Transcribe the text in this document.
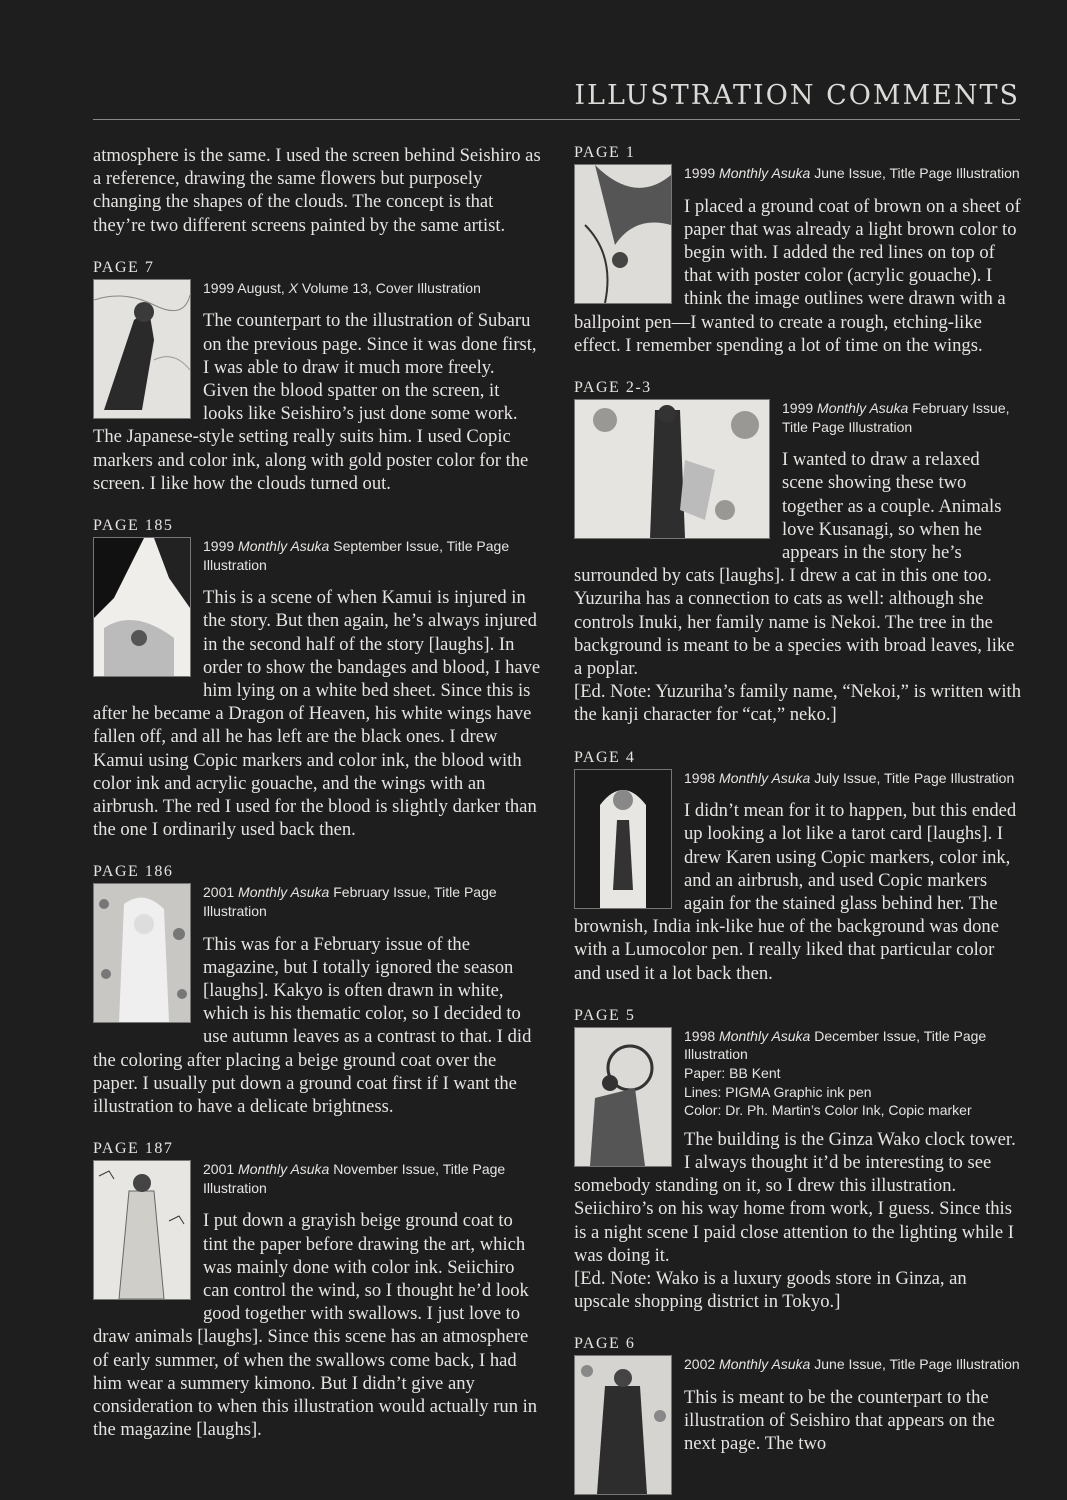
ILLUSTRATION COMMENTS

atmosphere is the same. I used the screen behind Seishiro as a reference, drawing the same flowers but purposely changing the shapes of the clouds. The concept is that they’re two different screens painted by the same artist.

PAGE 7
1999 August, X Volume 13, Cover Illustration

The counterpart to the illustration of Subaru on the previous page. Since it was done first, I was able to draw it much more freely. Given the blood spatter on the screen, it looks like Seishiro’s just done some work. The Japanese-style setting really suits him. I used Copic markers and color ink, along with gold poster color for the screen. I like how the clouds turned out.

PAGE 185
1999 Monthly Asuka September Issue, Title Page Illustration

This is a scene of when Kamui is injured in the story. But then again, he’s always injured in the second half of the story [laughs]. In order to show the bandages and blood, I have him lying on a white bed sheet. Since this is after he became a Dragon of Heaven, his white wings have fallen off, and all he has left are the black ones. I drew Kamui using Copic markers and color ink, the blood with color ink and acrylic gouache, and the wings with an airbrush. The red I used for the blood is slightly darker than the one I ordinarily used back then.

PAGE 186
2001 Monthly Asuka February Issue, Title Page Illustration

This was for a February issue of the magazine, but I totally ignored the season [laughs]. Kakyo is often drawn in white, which is his thematic color, so I decided to use autumn leaves as a contrast to that. I did the coloring after placing a beige ground coat over the paper. I usually put down a ground coat first if I want the illustration to have a delicate brightness.

PAGE 187
2001 Monthly Asuka November Issue, Title Page Illustration

I put down a grayish beige ground coat to tint the paper before drawing the art, which was mainly done with color ink. Seiichiro can control the wind, so I thought he’d look good together with swallows. I just love to draw animals [laughs]. Since this scene has an atmosphere of early summer, of when the swallows come back, I had him wear a summery kimono. But I didn’t give any consideration to when this illustration would actually run in the magazine [laughs].

PAGE 1
1999 Monthly Asuka June Issue, Title Page Illustration

I placed a ground coat of brown on a sheet of paper that was already a light brown color to begin with. I added the red lines on top of that with poster color (acrylic gouache). I think the image outlines were drawn with a ballpoint pen—I wanted to create a rough, etching-like effect. I remember spending a lot of time on the wings.

PAGE 2-3
1999 Monthly Asuka February Issue, Title Page Illustration

I wanted to draw a relaxed scene showing these two together as a couple. Animals love Kusanagi, so when he appears in the story he’s surrounded by cats [laughs]. I drew a cat in this one too. Yuzuriha has a connection to cats as well: although she controls Inuki, her family name is Nekoi. The tree in the background is meant to be a species with broad leaves, like a poplar.

[Ed. Note: Yuzuriha’s family name, “Nekoi,” is written with the kanji character for “cat,” neko.]

PAGE 4
1998 Monthly Asuka July Issue, Title Page Illustration

I didn’t mean for it to happen, but this ended up looking a lot like a tarot card [laughs]. I drew Karen using Copic markers, color ink, and an airbrush, and used Copic markers again for the stained glass behind her. The brownish, India ink-like hue of the background was done with a Lumocolor pen. I really liked that particular color and used it a lot back then.

PAGE 5
1998 Monthly Asuka December Issue, Title Page Illustration
Paper: BB Kent
Lines: PIGMA Graphic ink pen
Color: Dr. Ph. Martin’s Color Ink, Copic marker

The building is the Ginza Wako clock tower. I always thought it’d be interesting to see somebody standing on it, so I drew this illustration. Seiichiro’s on his way home from work, I guess. Since this is a night scene I paid close attention to the lighting while I was doing it.

[Ed. Note: Wako is a luxury goods store in Ginza, an upscale shopping district in Tokyo.]

PAGE 6
2002 Monthly Asuka June Issue, Title Page Illustration

This is meant to be the counterpart to the illustration of Seishiro that appears on the next page. The two
